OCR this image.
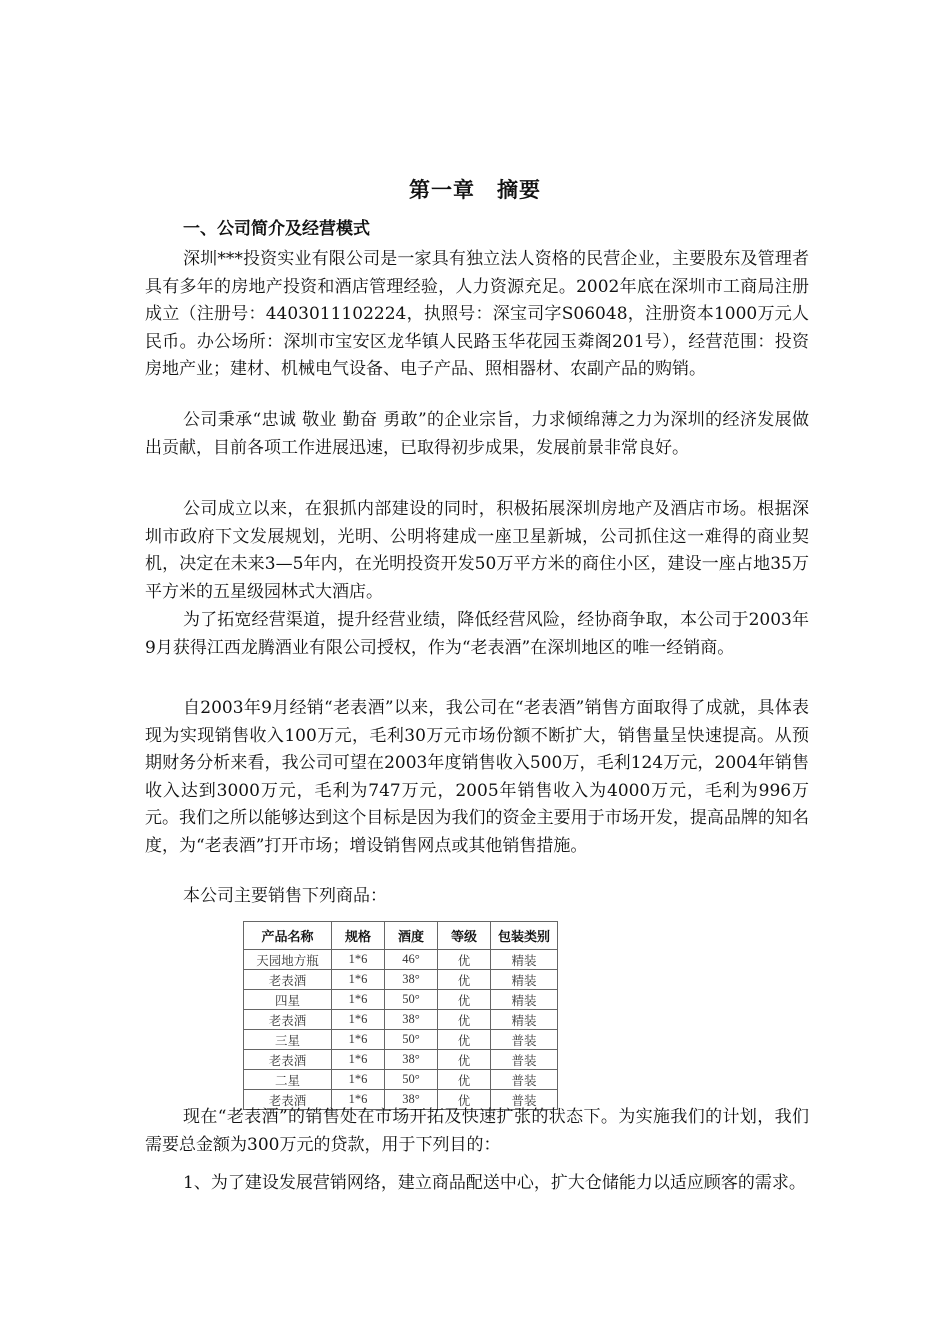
第一章　摘要
一、公司简介及经营模式

深圳***投资实业有限公司是一家具有独立法人资格的民营企业，主要股东及管理者具有多年的房地产投资和酒店管理经验，人力资源充足。2002年底在深圳市工商局注册成立（注册号：4403011102224，执照号：深宝司字S06048，注册资本1000万元人民币。办公场所：深圳市宝安区龙华镇人民路玉华花园玉粦阁201号），经营范围：投资房地产业；建材、机械电气设备、电子产品、照相器材、农副产品的购销。

公司秉承“忠诚 敬业 勤奋 勇敢”的企业宗旨，力求倾绵薄之力为深圳的经济发展做出贡献，目前各项工作进展迅速，已取得初步成果，发展前景非常良好。

公司成立以来，在狠抓内部建设的同时，积极拓展深圳房地产及酒店市场。根据深圳市政府下文发展规划，光明、公明将建成一座卫星新城，公司抓住这一难得的商业契机，决定在未来3—5年内，在光明投资开发50万平方米的商住小区，建设一座占地35万平方米的五星级园林式大酒店。

为了拓宽经营渠道，提升经营业绩，降低经营风险，经协商争取，本公司于2003年9月获得江西龙腾酒业有限公司授权，作为“老表酒”在深圳地区的唯一经销商。

自2003年9月经销“老表酒”以来，我公司在“老表酒”销售方面取得了成就，具体表现为实现销售收入100万元，毛利30万元市场份额不断扩大，销售量呈快速提高。从预期财务分析来看，我公司可望在2003年度销售收入500万，毛利124万元，2004年销售收入达到3000万元，毛利为747万元，2005年销售收入为4000万元，毛利为996万元。我们之所以能够达到这个目标是因为我们的资金主要用于市场开发，提高品牌的知名度，为“老表酒”打开市场；增设销售网点或其他销售措施。

本公司主要销售下列商品：

产品名称	规格	酒度	等级	包装类别
天园地方瓶	1*6	46°	优	精装
老表酒	1*6	38°	优	精装
四星	1*6	50°	优	精装
老表酒	1*6	38°	优	精装
三星	1*6	50°	优	普装
老表酒	1*6	38°	优	普装
二星	1*6	50°	优	普装
老表酒	1*6	38°	优	普装

现在“老表酒”的销售处在市场开拓及快速扩张的状态下。为实施我们的计划，我们需要总金额为300万元的贷款，用于下列目的：

1、为了建设发展营销网络，建立商品配送中心，扩大仓储能力以适应顾客的需求。
